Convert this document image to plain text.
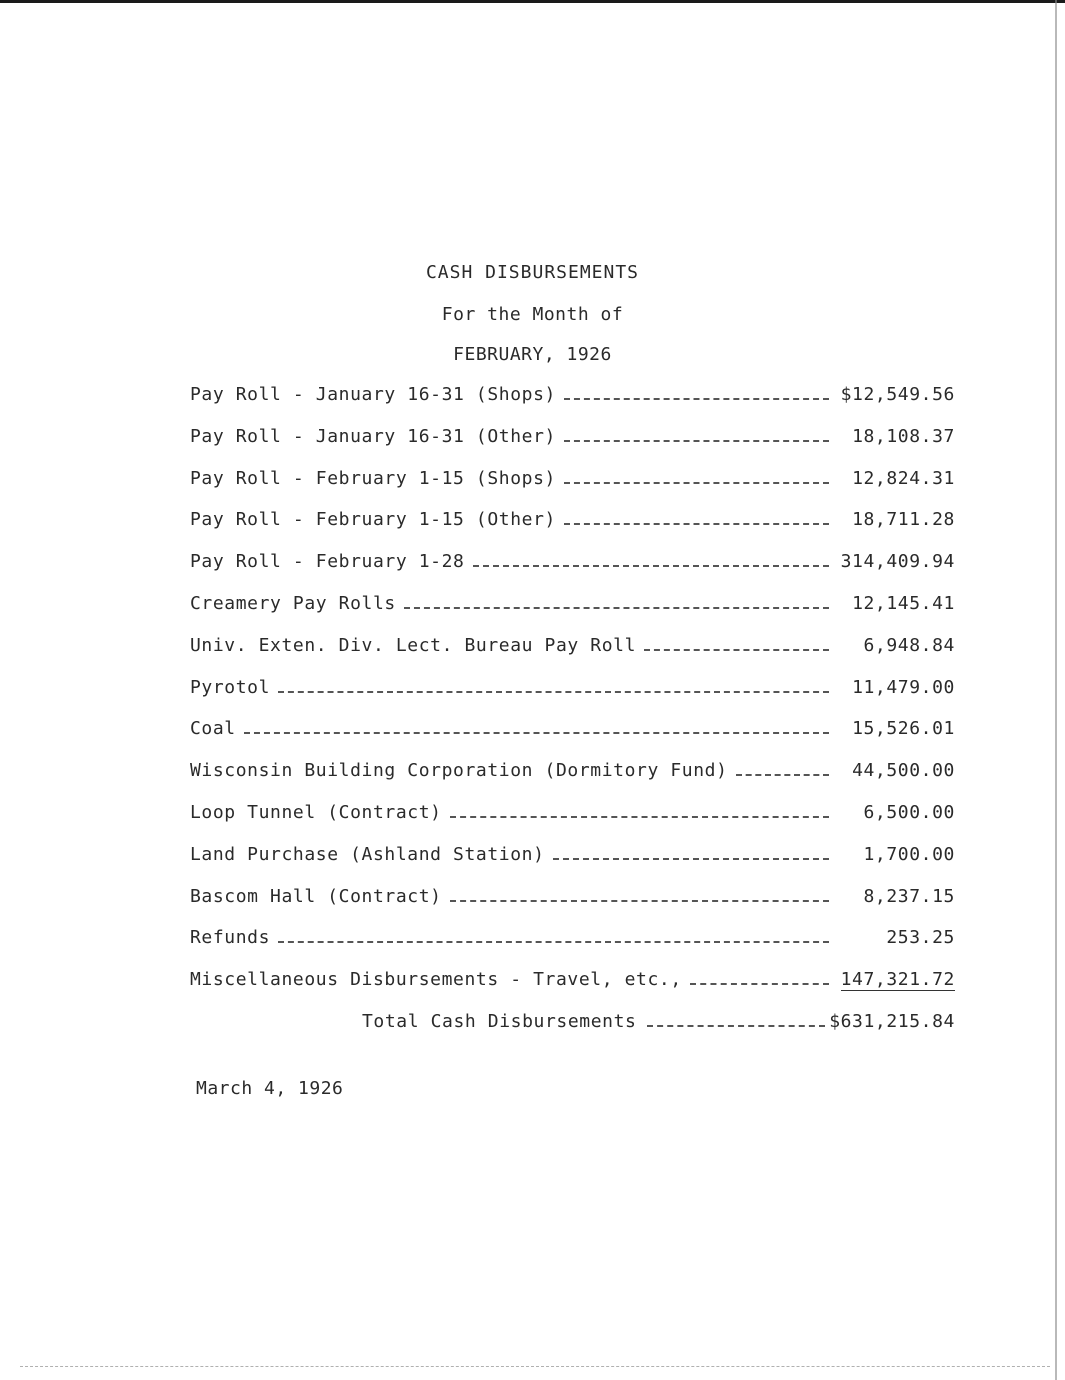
CASH DISBURSEMENTS
For the Month of
FEBRUARY, 1926
Pay Roll - January 16-31 (Shops)	$12,549.56
Pay Roll - January 16-31 (Other)	18,108.37
Pay Roll - February 1-15 (Shops)	12,824.31
Pay Roll - February 1-15 (Other)	18,711.28
Pay Roll - February 1-28	314,409.94
Creamery Pay Rolls	12,145.41
Univ. Exten. Div. Lect. Bureau Pay Roll	6,948.84
Pyrotol	11,479.00
Coal	15,526.01
Wisconsin Building Corporation (Dormitory Fund)	44,500.00
Loop Tunnel (Contract)	6,500.00
Land Purchase (Ashland Station)	1,700.00
Bascom Hall (Contract)	8,237.15
Refunds	253.25
Miscellaneous Disbursements - Travel, etc.,	147,321.72
Total Cash Disbursements	$631,215.84
March 4, 1926
